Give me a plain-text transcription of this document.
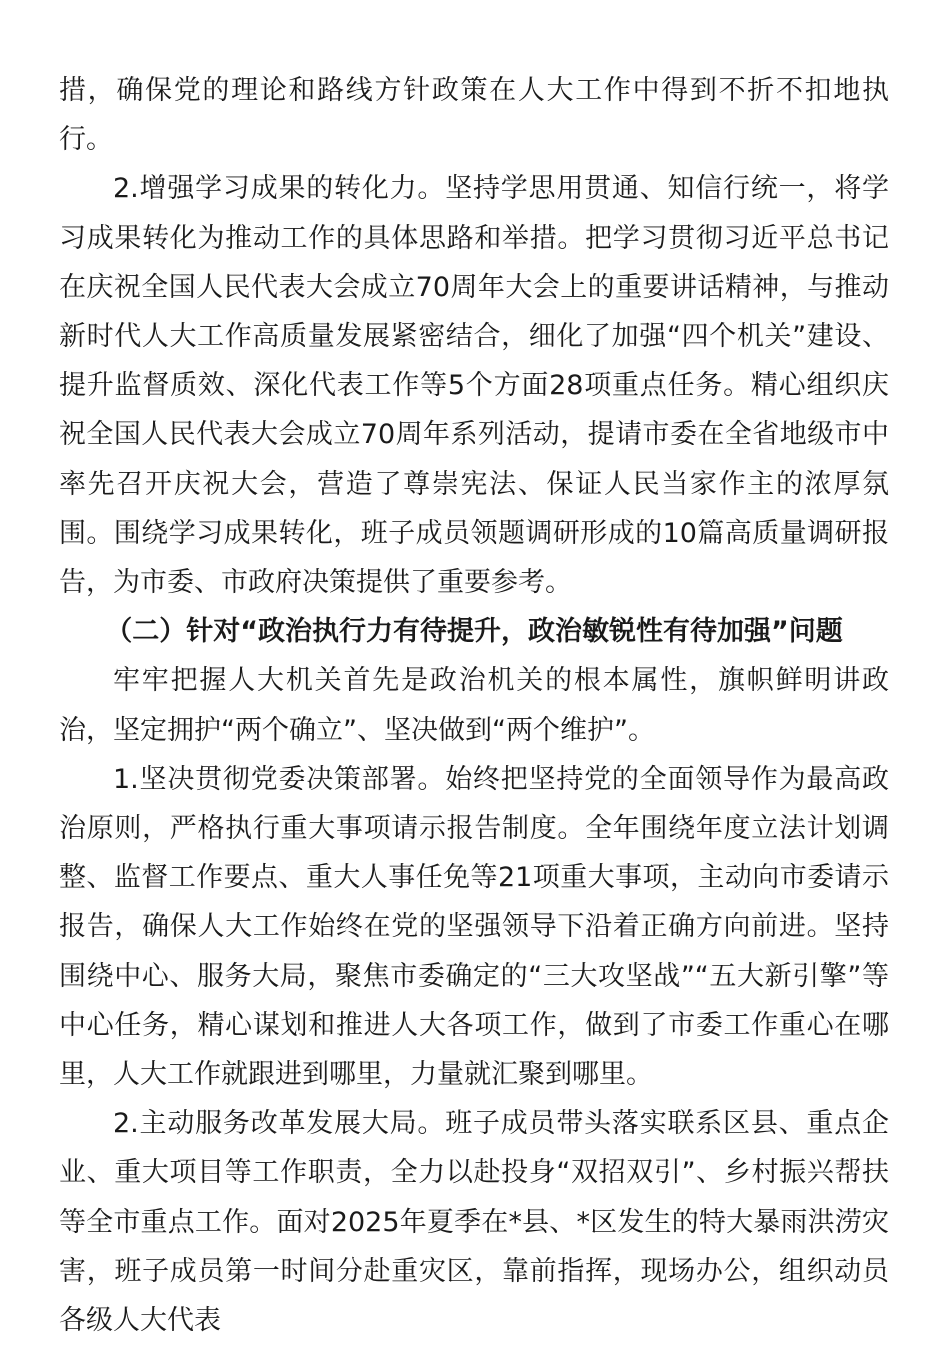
措，确保党的理论和路线方针政策在人大工作中得到不折不扣地执行。

2.增强学习成果的转化力。坚持学思用贯通、知信行统一，将学习成果转化为推动工作的具体思路和举措。把学习贯彻习近平总书记在庆祝全国人民代表大会成立70周年大会上的重要讲话精神，与推动新时代人大工作高质量发展紧密结合，细化了加强“四个机关”建设、提升监督质效、深化代表工作等5个方面28项重点任务。精心组织庆祝全国人民代表大会成立70周年系列活动，提请市委在全省地级市中率先召开庆祝大会，营造了尊崇宪法、保证人民当家作主的浓厚氛围。围绕学习成果转化，班子成员领题调研形成的10篇高质量调研报告，为市委、市政府决策提供了重要参考。

（二）针对“政治执行力有待提升，政治敏锐性有待加强”问题

牢牢把握人大机关首先是政治机关的根本属性，旗帜鲜明讲政治，坚定拥护“两个确立”、坚决做到“两个维护”。

1.坚决贯彻党委决策部署。始终把坚持党的全面领导作为最高政治原则，严格执行重大事项请示报告制度。全年围绕年度立法计划调整、监督工作要点、重大人事任免等21项重大事项，主动向市委请示报告，确保人大工作始终在党的坚强领导下沿着正确方向前进。坚持围绕中心、服务大局，聚焦市委确定的“三大攻坚战”“五大新引擎”等中心任务，精心谋划和推进人大各项工作，做到了市委工作重心在哪里，人大工作就跟进到哪里，力量就汇聚到哪里。

2.主动服务改革发展大局。班子成员带头落实联系区县、重点企业、重大项目等工作职责，全力以赴投身“双招双引”、乡村振兴帮扶等全市重点工作。面对2025年夏季在*县、*区发生的特大暴雨洪涝灾害，班子成员第一时间分赴重灾区，靠前指挥，现场办公，组织动员各级人大代表
